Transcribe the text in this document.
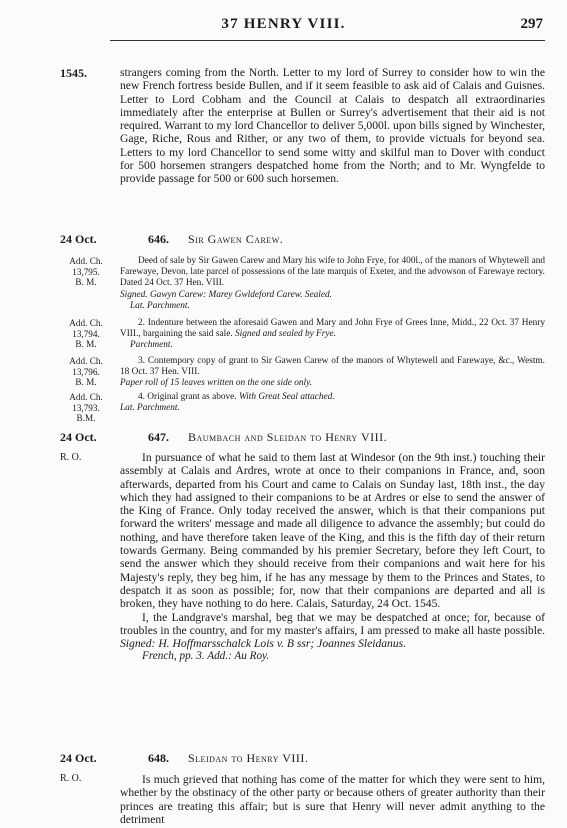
37 HENRY VIII.	297
1545.	strangers coming from the North. Letter to my lord of Surrey to consider how to win the new French fortress beside Bullen, and if it seem feasible to ask aid of Calais and Guisnes. Letter to Lord Cobham and the Council at Calais to despatch all extraordinaries immediately after the enterprise at Bullen or Surrey's advertisement that their aid is not required. Warrant to my lord Chancellor to deliver 5,000l. upon bills signed by Winchester, Gage, Riche, Rous and Rither, or any two of them, to provide victuals for beyond sea. Letters to my lord Chancellor to send some witty and skilful man to Dover with conduct for 500 horsemen strangers despatched home from the North; and to Mr. Wyngfelde to provide passage for 500 or 600 such horsemen.

24 Oct.	646. Sir Gawen Carew.
Add. Ch.
13,795.
B. M.

Deed of sale by Sir Gawen Carew and Mary his wife to John Frye, for 400l., of the manors of Whytewell and Farewaye, Devon, late parcel of possessions of the late marquis of Exeter, and the advowson of Farewaye rectory. Dated 24 Oct. 37 Hen. VIII.

Signed. Gawyn Carew: Marey Gwldeford Carew. Sealed.

Lat. Parchment.

Add. Ch.
13,794.
B. M.

2. Indenture between the aforesaid Gawen and Mary and John Frye of Grees Inne, Midd., 22 Oct. 37 Henry VIII., bargaining the said sale. Signed and sealed by Frye.

Parchment.

Add. Ch.
13,796.
B. M.

3. Contempory copy of grant to Sir Gawen Carew of the manors of Whytewell and Farewaye, &c., Westm. 18 Oct. 37 Hen. VIII.

Paper roll of 15 leaves written on the one side only.

Add. Ch.
13,793.
B.M.

4. Original grant as above. With Great Seal attached.

Lat. Parchment.

24 Oct.	647. Baumbach and Sleidan to Henry VIII.
R. O.	In pursuance of what he said to them last at Windesor (on the 9th inst.) touching their assembly at Calais and Ardres, wrote at once to their companions in France, and, soon afterwards, departed from his Court and came to Calais on Sunday last, 18th inst., the day which they had assigned to their companions to be at Ardres or else to send the answer of the King of France. Only today received the answer, which is that their companions put forward the writers' message and made all diligence to advance the assembly; but could do nothing, and have therefore taken leave of the King, and this is the fifth day of their return towards Germany. Being commanded by his premier Secretary, before they left Court, to send the answer which they should receive from their companions and wait here for his Majesty's reply, they beg him, if he has any message by them to the Princes and States, to despatch it as soon as possible; for, now that their companions are departed and all is broken, they have nothing to do here. Calais, Saturday, 24 Oct. 1545.

I, the Landgrave's marshal, beg that we may be despatched at once; for, because of troubles in the country, and for my master's affairs, I am pressed to make all haste possible. Signed: H. Hoffmarsschalck Lois v. B ssr; Joannes Sleidanus.

French, pp. 3. Add.: Au Roy.

24 Oct.	648. Sleidan to Henry VIII.
R. O.	Is much grieved that nothing has come of the matter for which they were sent to him, whether by the obstinacy of the other party or because others of greater authority than their princes are treating this affair; but is sure that Henry will never admit anything to the detriment
